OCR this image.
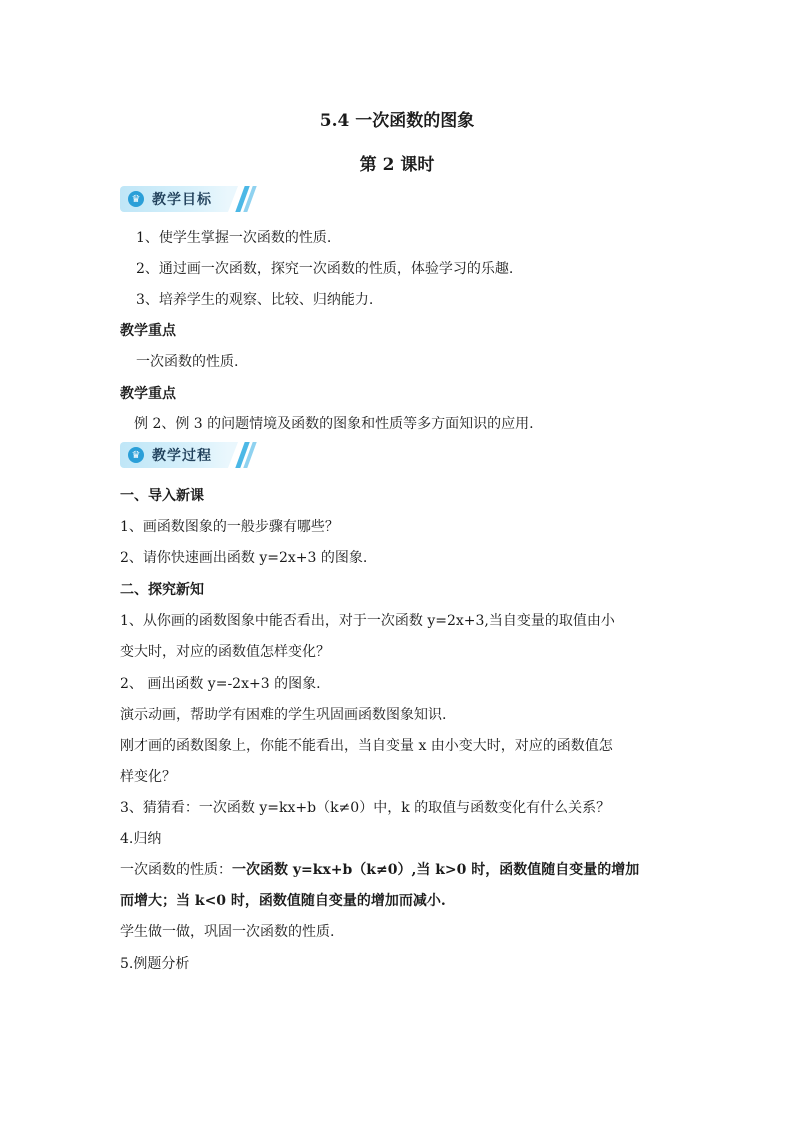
5.4 一次函数的图象
第 2 课时
♛ 教学目标
1、使学生掌握一次函数的性质.
2、通过画一次函数，探究一次函数的性质，体验学习的乐趣.
3、培养学生的观察、比较、归纳能力.
教学重点
一次函数的性质.
教学重点
例 2、例 3 的问题情境及函数的图象和性质等多方面知识的应用.
♛ 教学过程
一、导入新课
1、画函数图象的一般步骤有哪些？
2、请你快速画出函数 y=2x+3 的图象.
二、探究新知
1、从你画的函数图象中能否看出，对于一次函数 y=2x+3,当自变量的取值由小
变大时，对应的函数值怎样变化？
2、 画出函数 y=-2x+3 的图象.
演示动画，帮助学有困难的学生巩固画函数图象知识.
刚才画的函数图象上，你能不能看出，当自变量 x 由小变大时，对应的函数值怎
样变化？
3、猜猜看：一次函数 y=kx+b（k≠0）中，k 的取值与函数变化有什么关系？
4.归纳
一次函数的性质：一次函数 y=kx+b（k≠0）,当 k>0 时，函数值随自变量的增加
而增大；当 k<0 时，函数值随自变量的增加而减小.
学生做一做，巩固一次函数的性质.
5.例题分析
